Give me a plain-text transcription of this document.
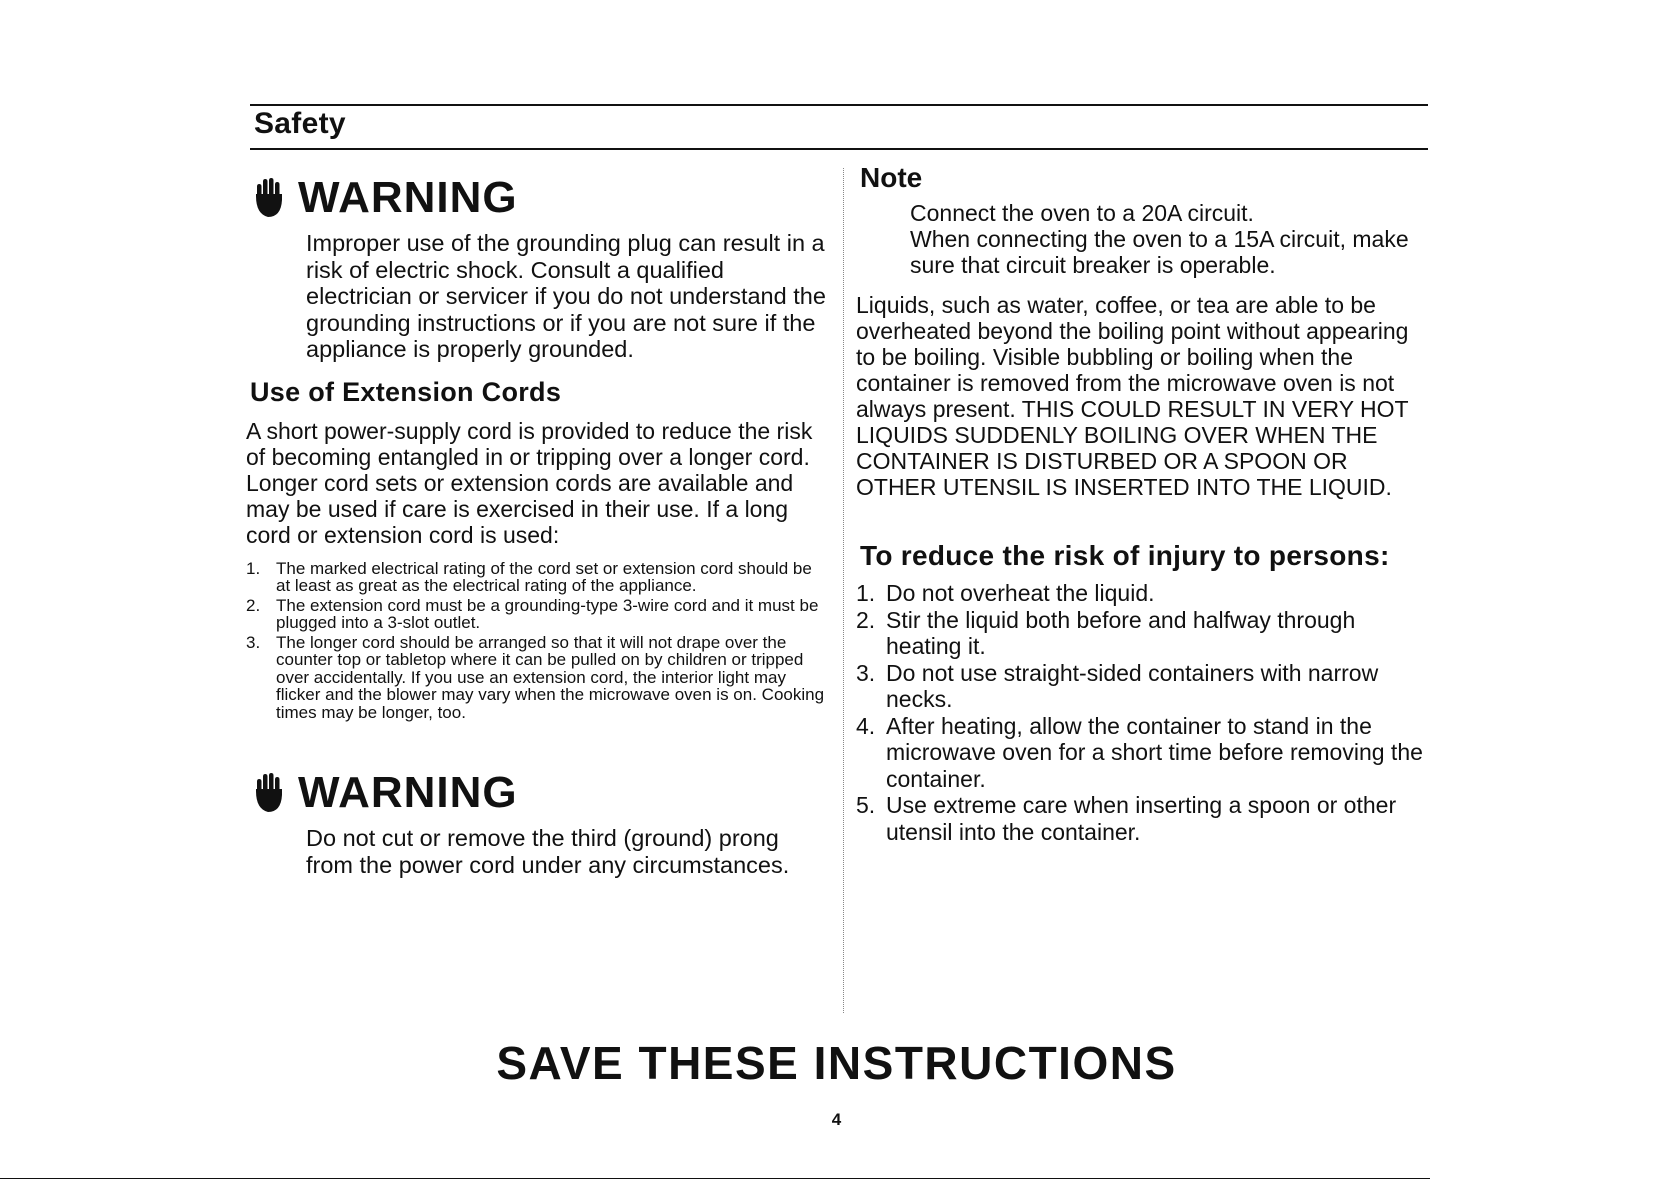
Safety
WARNING
Improper use of the grounding plug can result in a risk of electric shock. Consult a qualified electrician or servicer if you do not understand the grounding instructions or if you are not sure if the appliance is properly grounded.
Use of Extension Cords
A short power-supply cord is provided to reduce the risk of becoming entangled in or tripping over a longer cord. Longer cord sets or extension cords are available and may be used if care is exercised in their use. If a long cord or extension cord is used:
1. The marked electrical rating of the cord set or extension cord should be at least as great as the electrical rating of the appliance.
2. The extension cord must be a grounding-type 3-wire cord and it must be plugged into a 3-slot outlet.
3. The longer cord should be arranged so that it will not drape over the counter top or tabletop where it can be pulled on by children or tripped over accidentally. If you use an extension cord, the interior light may flicker and the blower may vary when the microwave oven is on. Cooking times may be longer, too.
WARNING
Do not cut or remove the third (ground) prong from the power cord under any circumstances.
Note
Connect the oven to a 20A circuit.
When connecting the oven to a 15A circuit, make sure that circuit breaker is operable.
Liquids, such as water, coffee, or tea are able to be overheated beyond the boiling point without appearing to be boiling. Visible bubbling or boiling when the container is removed from the microwave oven is not always present. THIS COULD RESULT IN VERY HOT LIQUIDS SUDDENLY BOILING OVER WHEN THE CONTAINER IS DISTURBED OR A SPOON OR OTHER UTENSIL IS INSERTED INTO THE LIQUID.
To reduce the risk of injury to persons:
1. Do not overheat the liquid.
2. Stir the liquid both before and halfway through heating it.
3. Do not use straight-sided containers with narrow necks.
4. After heating, allow the container to stand in the microwave oven for a short time before removing the container.
5. Use extreme care when inserting a spoon or other utensil into the container.
SAVE THESE INSTRUCTIONS
4
